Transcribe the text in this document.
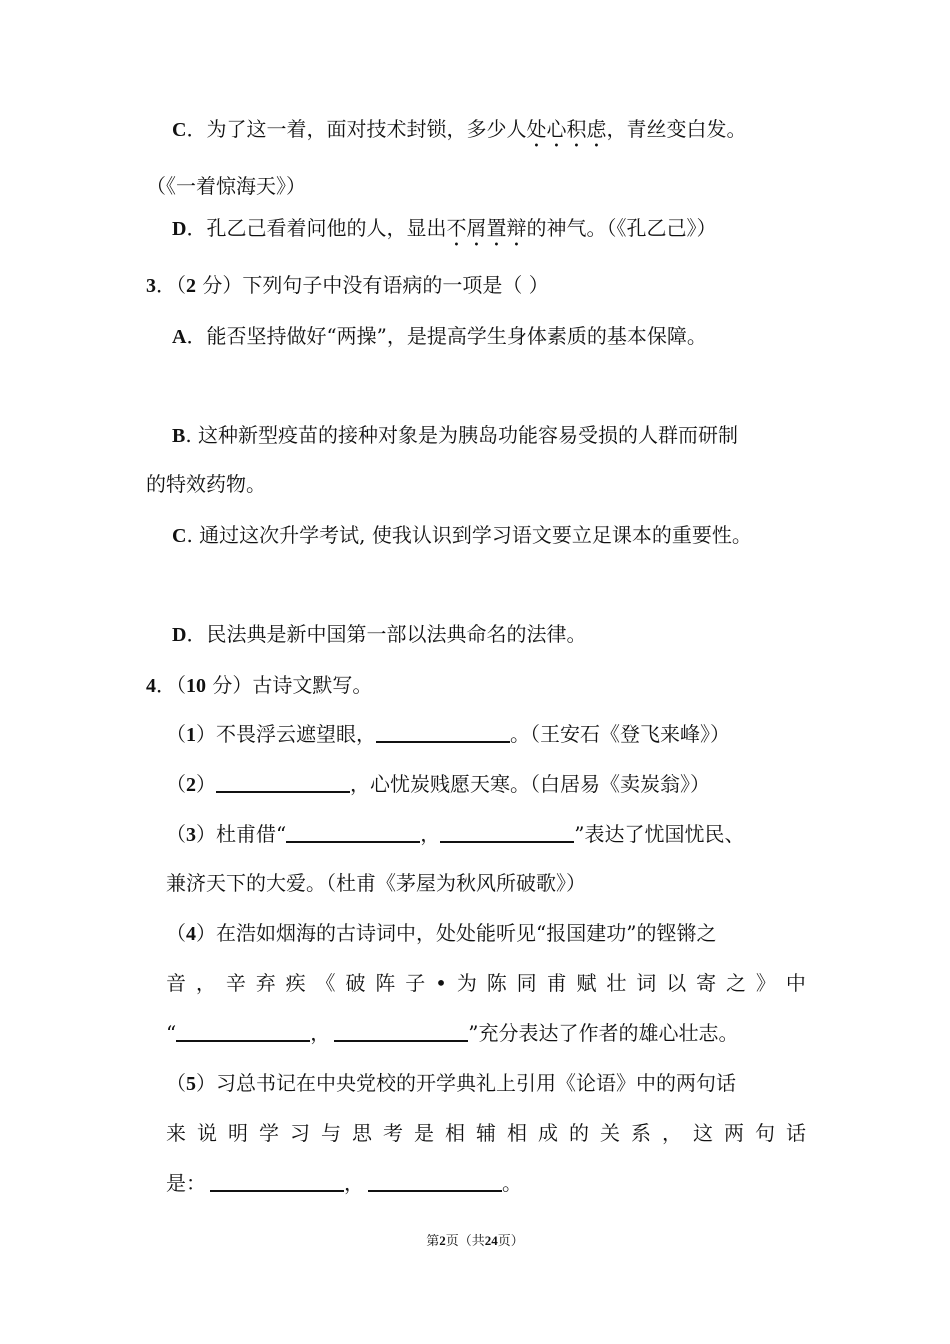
C．为了这一着，面对技术封锁，多少人处心积虑，青丝变白发。
（《一着惊海天》）
D．孔乙己看着问他的人，显出不屑置辩的神气。（《孔乙己》）
3．（2 分）下列句子中没有语病的一项是（ ）
A．能否坚持做好“两操”，是提高学生身体素质的基本保障。
B. 这种新型疫苗的接种对象是为胰岛功能容易受损的人群而研制
的特效药物。
C. 通过这次升学考试, 使我认识到学习语文要立足课本的重要性。
D．民法典是新中国第一部以法典命名的法律。
4．（10 分）古诗文默写。
（1）不畏浮云遮望眼，	。（王安石《登飞来峰》）
（2）	，心忧炭贱愿天寒。（白居易《卖炭翁》）
（3）杜甫借“	，	”表达了忧国忧民、
兼济天下的大爱。（杜甫《茅屋为秋风所破歌》）
（4）在浩如烟海的古诗词中，处处能听见“报国建功”的铿锵之
音 ， 辛 弃 疾 《 破 阵 子 • 为 陈 同 甫 赋 壮 词 以 寄 之 》 中
“	，	”充分表达了作者的雄心壮志。
（5）习总书记在中央党校的开学典礼上引用《论语》中的两句话
来 说 明 学 习 与 思 考 是 相 辅 相 成 的 关 系 ， 这 两 句 话
是：	，	。
第2页（共24页）
